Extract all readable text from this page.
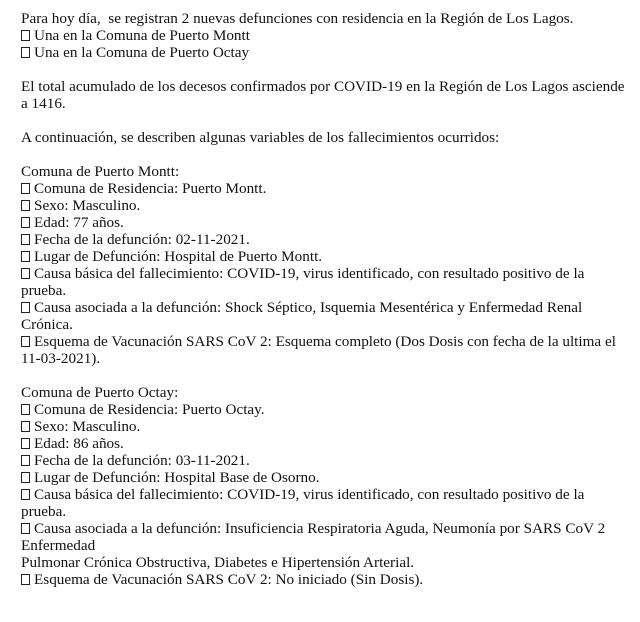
Para hoy día,  se registran 2 nuevas defunciones con residencia en la Región de Los Lagos.
Una en la Comuna de Puerto Montt
Una en la Comuna de Puerto Octay
El total acumulado de los decesos confirmados por COVID-19 en la Región de Los Lagos asciende a 1416.
A continuación, se describen algunas variables de los fallecimientos ocurridos:
Comuna de Puerto Montt:
Comuna de Residencia: Puerto Montt.
Sexo: Masculino.
Edad: 77 años.
Fecha de la defunción: 02-11-2021.
Lugar de Defunción: Hospital de Puerto Montt.
Causa básica del fallecimiento: COVID-19, virus identificado, con resultado positivo de la prueba.
Causa asociada a la defunción: Shock Séptico, Isquemia Mesentérica y Enfermedad Renal Crónica.
Esquema de Vacunación SARS CoV 2: Esquema completo (Dos Dosis con fecha de la ultima el 11-03-2021).
Comuna de Puerto Octay:
Comuna de Residencia: Puerto Octay.
Sexo: Masculino.
Edad: 86 años.
Fecha de la defunción: 03-11-2021.
Lugar de Defunción: Hospital Base de Osorno.
Causa básica del fallecimiento: COVID-19, virus identificado, con resultado positivo de la prueba.
Causa asociada a la defunción: Insuficiencia Respiratoria Aguda, Neumonía por SARS CoV 2
Enfermedad
Pulmonar Crónica Obstructiva, Diabetes e Hipertensión Arterial.
Esquema de Vacunación SARS CoV 2: No iniciado (Sin Dosis).
